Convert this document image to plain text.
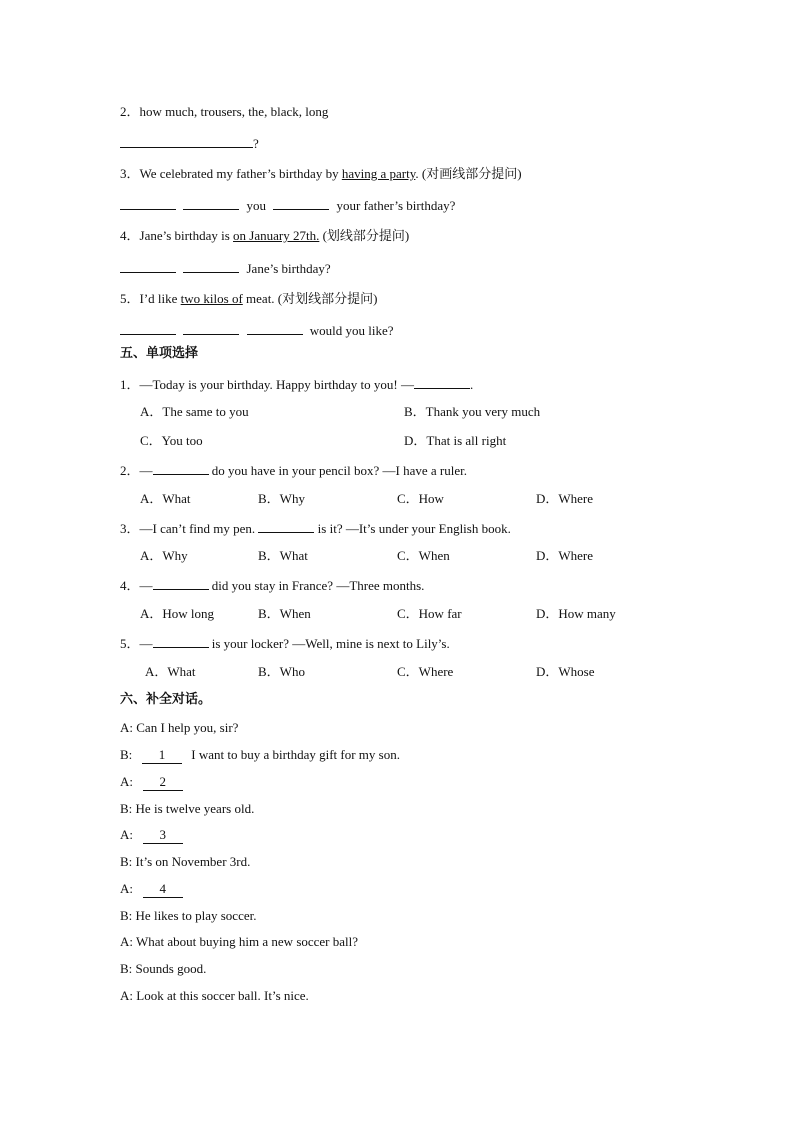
2．how much, trousers, the, black, long
?
3．We celebrated my father’s birthday by having a party. (对画线部分提问)
you	your father’s birthday?
4．Jane’s birthday is on January 27th. (划线部分提问)
Jane’s birthday?
5．I’d like two kilos of meat. (对划线部分提问)
would you like?
五、单项选择
1．—Today is your birthday. Happy birthday to you! —	.
A．The same to you	B．Thank you very much
C．You too	D．That is all right
2．—	do you have in your pencil box? —I have a ruler.
A．What	B．Why	C．How	D．Where
3．—I can’t find my pen.	is it? —It’s under your English book.
A．Why	B．What	C．When	D．Where
4．—	did you stay in France? —Three months.
A．How long	B．When	C．How far	D．How many
5．—	is your locker? —Well, mine is next to Lily’s.
A．What	B．Who	C．Where	D．Whose
六、补全对话。
A: Can I help you, sir?
B: 1 I want to buy a birthday gift for my son.
A: 2
B: He is twelve years old.
A: 3
B: It’s on November 3rd.
A: 4
B: He likes to play soccer.
A: What about buying him a new soccer ball?
B: Sounds good.
A: Look at this soccer ball. It’s nice.
